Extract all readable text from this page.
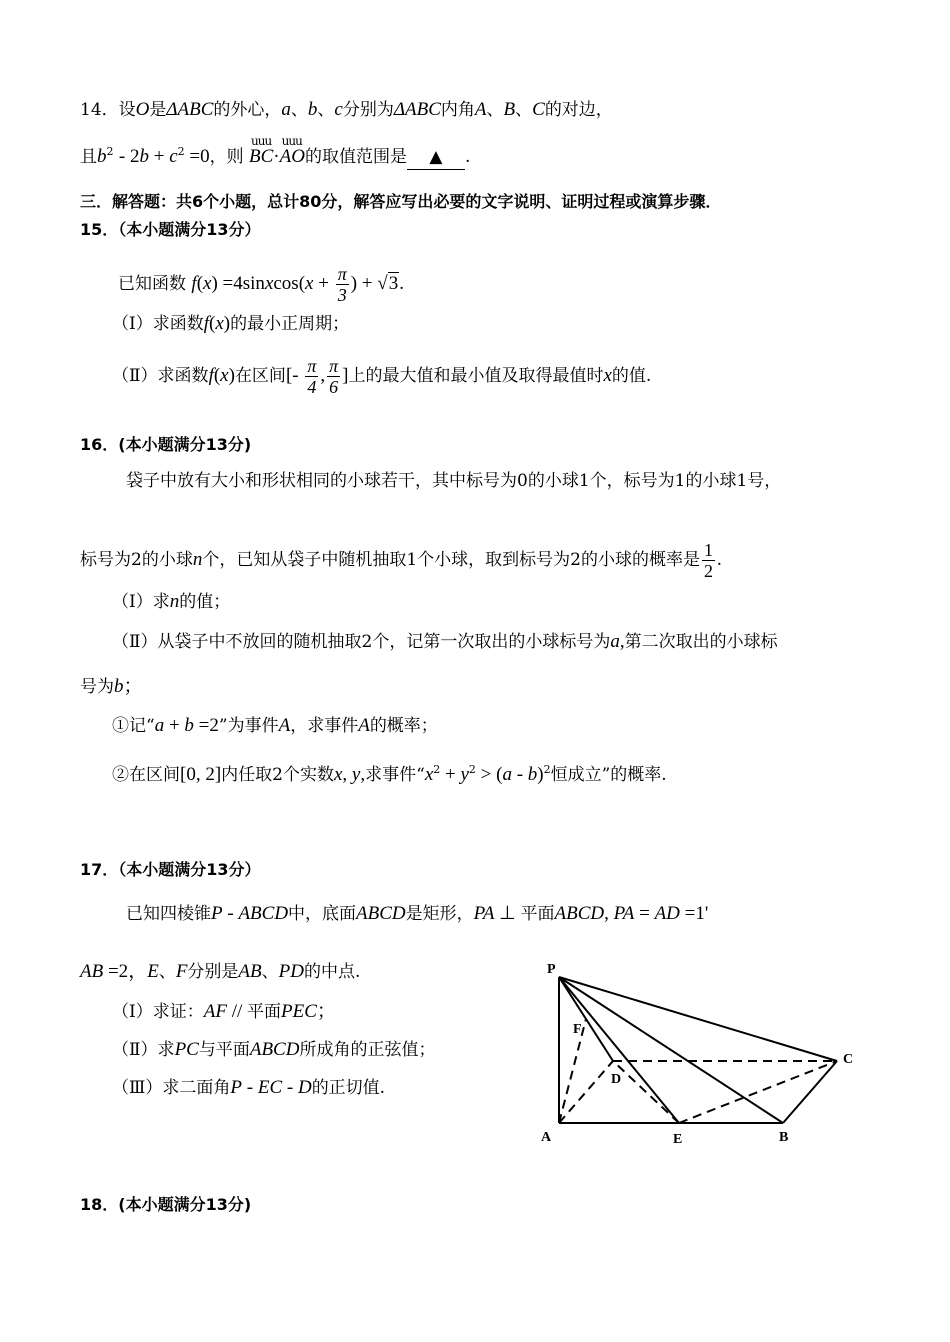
14．设O是ΔABC的外心，a、b、c分别为ΔABC内角A、B、C的对边，
且$b^2 - 2b + c^2 =0$，则
uuu
BC·
uuu
AO的取值范围是 ▲ .
三．解答题：共6个小题，总计80分，解答应写出必要的文字说明、证明过程或演算步骤．
15．（本小题满分13分）
已知函数 f(x) =4sinxcos(x + $\frac{\pi}{3}$ ) + √3.
（Ⅰ）求函数f(x)的最小正周期；
（Ⅱ）求函数f(x)在区间[- $\frac{\pi}{4}$ , $\frac{\pi}{6}$ ]上的最大值和最小值及取得最值时x的值.
16．(本小题满分13分)
袋子中放有大小和形状相同的小球若干，其中标号为0的小球1个，标号为1的小球1号，
标号为2的小球n个，已知从袋子中随机抽取1个小球，取到标号为2的小球的概率是 $\frac{1}{2}$ .
（Ⅰ）求n的值；
（Ⅱ）从袋子中不放回的随机抽取2个，记第一次取出的小球标号为a,第二次取出的小球标
号为b；
①记“a + b =2”为事件A，求事件A的概率；
②在区间[0, 2]内任取2个实数x, y,求事件“$x^2 + y^2 > (a - b)^2$恒成立”的概率.
17．（本小题满分13分）
已知四棱锥P - ABCD中，底面ABCD是矩形，PA ⊥ 平面ABCD, PA = AD =1'
AB =2，E、F分别是AB、PD的中点.
（Ⅰ）求证：AF // 平面PEC；
（Ⅱ）求PC与平面ABCD所成角的正弦值；
（Ⅲ）求二面角P - EC - D的正切值.
P
F
D
C
A	E	B
18．(本小题满分13分)
